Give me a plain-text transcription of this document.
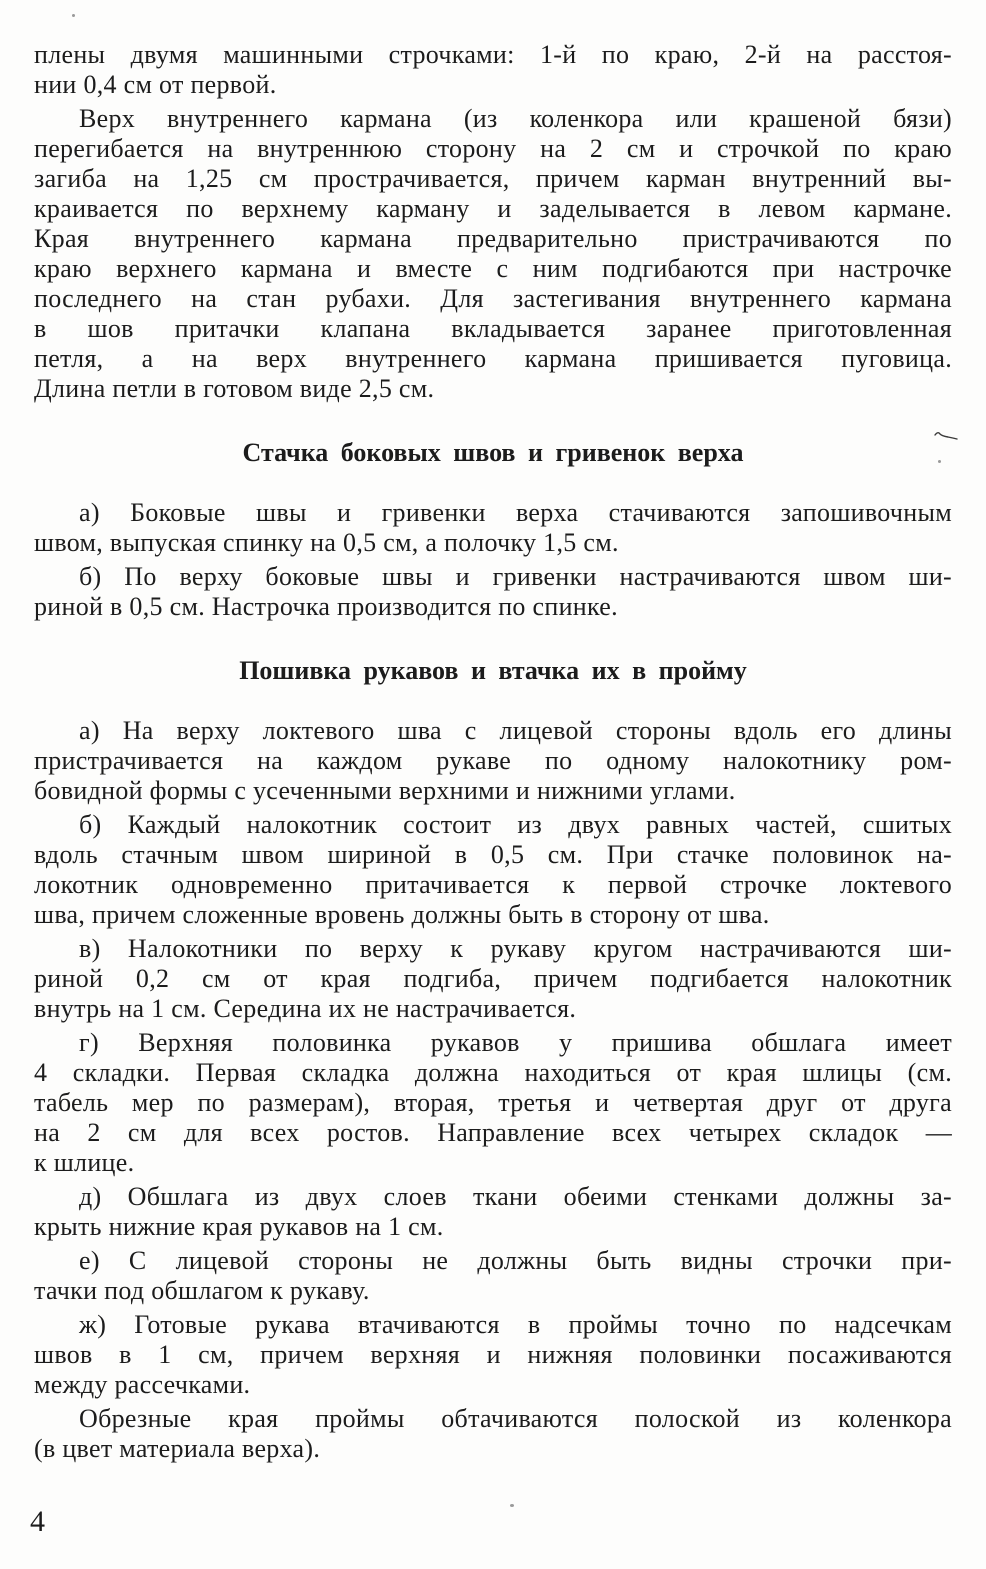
плены двумя машинными строчками: 1-й по краю, 2-й на расстоя-
нии 0,4 см от первой.
Верх внутреннего кармана (из коленкора или крашеной бязи)
перегибается на внутреннюю сторону на 2 см и строчкой по краю
загиба на 1,25 см прострачивается, причем карман внутренний вы-
краивается по верхнему карману и заделывается в левом кармане.
Края внутреннего кармана предварительно пристрачиваются по
краю верхнего кармана и вместе с ним подгибаются при настрочке
последнего на стан рубахи. Для застегивания внутреннего кармана
в шов притачки клапана вкладывается заранее приготовленная
петля, а на верх внутреннего кармана пришивается пуговица.
Длина петли в готовом виде 2,5 см.
Стачка боковых швов и гривенок верха
а) Боковые швы и гривенки верха стачиваются запошивочным
швом, выпуская спинку на 0,5 см, а полочку 1,5 см.
б) По верху боковые швы и гривенки настрачиваются швом ши-
риной в 0,5 см. Настрочка производится по спинке.
Пошивка рукавов и втачка их в пройму
а) На верху локтевого шва с лицевой стороны вдоль его длины
пристрачивается на каждом рукаве по одному налокотнику ром-
бовидной формы с усеченными верхними и нижними углами.
б) Каждый налокотник состоит из двух равных частей, сшитых
вдоль стачным швом шириной в 0,5 см. При стачке половинок на-
локотник одновременно притачивается к первой строчке локтевого
шва, причем сложенные вровень должны быть в сторону от шва.
в) Налокотники по верху к рукаву кругом настрачиваются ши-
риной 0,2 см от края подгиба, причем подгибается налокотник
внутрь на 1 см. Середина их не настрачивается.
г) Верхняя половинка рукавов у пришива обшлага имеет
4 складки. Первая складка должна находиться от края шлицы (см.
табель мер по размерам), вторая, третья и четвертая друг от друга
на 2 см для всех ростов. Направление всех четырех складок —
к шлице.
д) Обшлага из двух слоев ткани обеими стенками должны за-
крыть нижние края рукавов на 1 см.
е) С лицевой стороны не должны быть видны строчки при-
тачки под обшлагом к рукаву.
ж) Готовые рукава втачиваются в проймы точно по надсечкам
швов в 1 см, причем верхняя и нижняя половинки посаживаются
между рассечками.
Обрезные края проймы обтачиваются полоской из коленкора
(в цвет материала верха).
4
